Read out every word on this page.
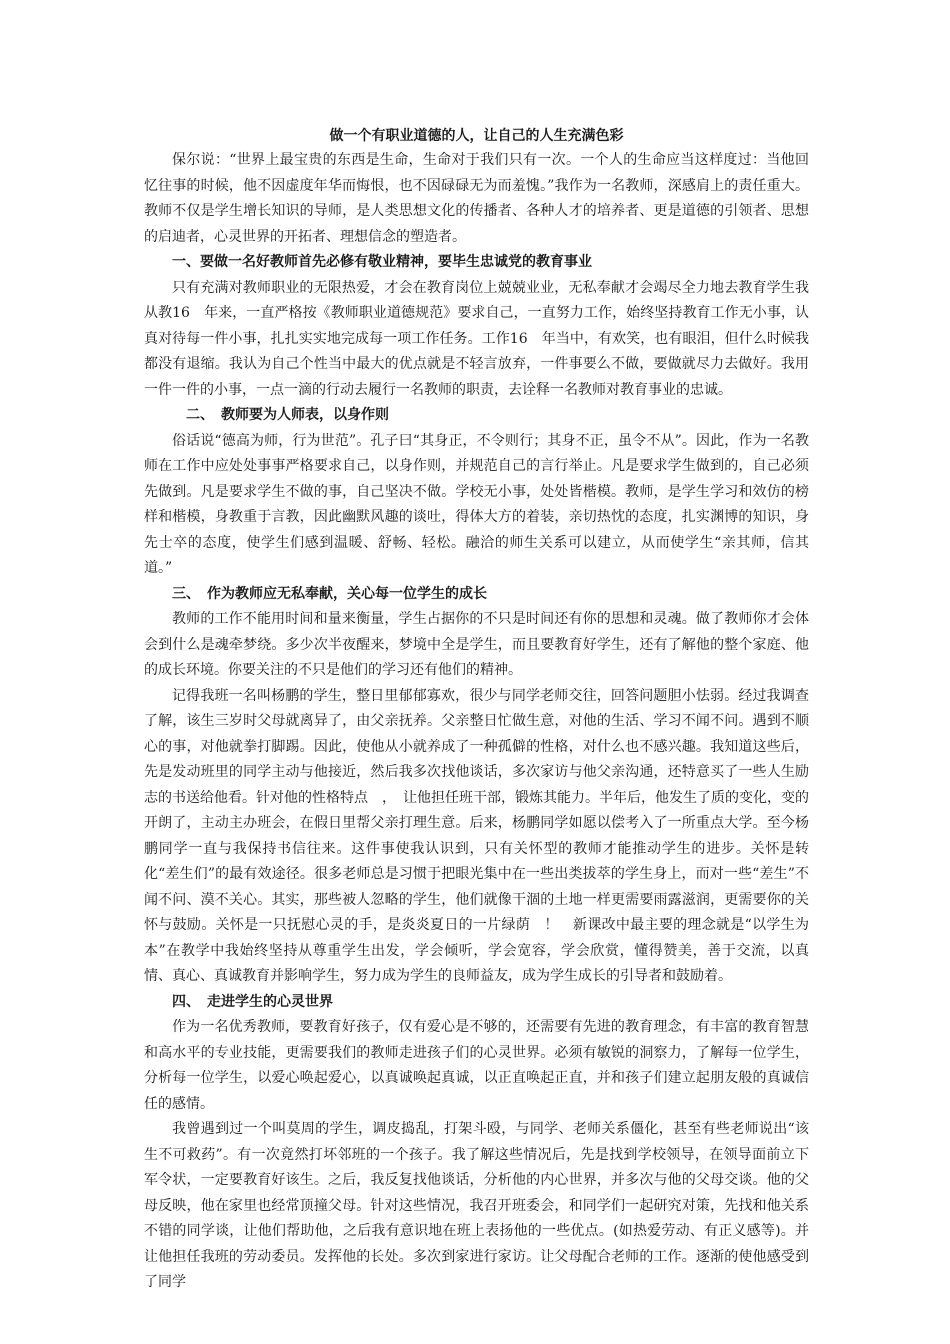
做一个有职业道德的人，让自己的人生充满色彩

保尔说：“世界上最宝贵的东西是生命，生命对于我们只有一次。一个人的生命应当这样度过：当他回忆往事的时候，他不因虚度年华而悔恨，也不因碌碌无为而羞愧。”我作为一名教师，深感肩上的责任重大。教师不仅是学生增长知识的导师，是人类思想文化的传播者、各种人才的培养者、更是道德的引领者、思想的启迪者，心灵世界的开拓者、理想信念的塑造者。

一、要做一名好教师首先必修有敬业精神，要毕生忠诚党的教育事业

只有充满对教师职业的无限热爱，才会在教育岗位上兢兢业业，无私奉献才会竭尽全力地去教育学生我从教16　年来，一直严格按《教师职业道德规范》要求自己，一直努力工作，始终坚持教育工作无小事，认真对待每一件小事，扎扎实实地完成每一项工作任务。工作16　年当中，有欢笑，也有眼泪，但什么时候我都没有退缩。我认为自己个性当中最大的优点就是不轻言放弃，一件事要么不做，要做就尽力去做好。我用一件一件的小事，一点一滴的行动去履行一名教师的职责，去诠释一名教师对教育事业的忠诚。

二、　教师要为人师表，以身作则

俗话说“德高为师，行为世范”。孔子曰“其身正，不令则行；其身不正，虽令不从”。因此，作为一名教师在工作中应处处事事严格要求自己，以身作则，并规范自己的言行举止。凡是要求学生做到的，自己必须先做到。凡是要求学生不做的事，自己坚决不做。学校无小事，处处皆楷模。教师，是学生学习和效仿的榜样和楷模，身教重于言教，因此幽默风趣的谈吐，得体大方的着装，亲切热忱的态度，扎实渊博的知识，身先士卒的态度，使学生们感到温暖、舒畅、轻松。融洽的师生关系可以建立，从而使学生“亲其师，信其道。”

三、　作为教师应无私奉献，关心每一位学生的成长

教师的工作不能用时间和量来衡量，学生占据你的不只是时间还有你的思想和灵魂。做了教师你才会体会到什么是魂牵梦绕。多少次半夜醒来，梦境中全是学生，而且要教育好学生，还有了解他的整个家庭、他的成长环境。你要关注的不只是他们的学习还有他们的精神。

记得我班一名叫杨鹏的学生，整日里郁郁寡欢，很少与同学老师交往，回答问题胆小怯弱。经过我调查了解，该生三岁时父母就离异了，由父亲抚养。父亲整日忙做生意，对他的生活、学习不闻不问。遇到不顺心的事，对他就拳打脚踢。因此，使他从小就养成了一种孤僻的性格，对什么也不感兴趣。我知道这些后，先是发动班里的同学主动与他接近，然后我多次找他谈话，多次家访与他父亲沟通，还特意买了一些人生励志的书送给他看。针对他的性格特点　，　让他担任班干部，锻炼其能力。半年后，他发生了质的变化，变的开朗了，主动主办班会，在假日里帮父亲打理生意。后来，杨鹏同学如愿以偿考入了一所重点大学。至今杨鹏同学一直与我保持书信往来。这件事使我认识到，只有关怀型的教师才能推动学生的进步。关怀是转化“差生们”的最有效途径。很多老师总是习惯于把眼光集中在一些出类拔萃的学生身上，而对一些“差生”不闻不问、漠不关心。其实，那些被人忽略的学生，他们就像干涸的土地一样更需要雨露滋润，更需要你的关怀与鼓励。关怀是一只抚慰心灵的手，是炎炎夏日的一片绿荫　！　新课改中最主要的理念就是“以学生为本”在教学中我始终坚持从尊重学生出发，学会倾听，学会宽容，学会欣赏，懂得赞美，善于交流，以真情、真心、真诚教育并影响学生，努力成为学生的良师益友，成为学生成长的引导者和鼓励着。

四、　走进学生的心灵世界

作为一名优秀教师，要教育好孩子，仅有爱心是不够的，还需要有先进的教育理念，有丰富的教育智慧和高水平的专业技能，更需要我们的教师走进孩子们的心灵世界。必须有敏锐的洞察力，了解每一位学生，分析每一位学生，以爱心唤起爱心，以真诚唤起真诚，以正直唤起正直，并和孩子们建立起朋友般的真诚信任的感情。

我曾遇到过一个叫莫周的学生，调皮捣乱，打架斗殴，与同学、老师关系僵化，甚至有些老师说出“该生不可救药”。有一次竟然打坏邻班的一个孩子。我了解这些情况后，先是找到学校领导，在领导面前立下军令状，一定要教育好该生。之后，我反复找他谈话，分析他的内心世界，并多次与他的父母交谈。他的父母反映，他在家里也经常顶撞父母。针对这些情况，我召开班委会，和同学们一起研究对策，先找和他关系不错的同学谈，让他们帮助他，之后我有意识地在班上表扬他的一些优点。(如热爱劳动、有正义感等)。并让他担任我班的劳动委员。发挥他的长处。多次到家进行家访。让父母配合老师的工作。逐渐的使他感受到了同学
